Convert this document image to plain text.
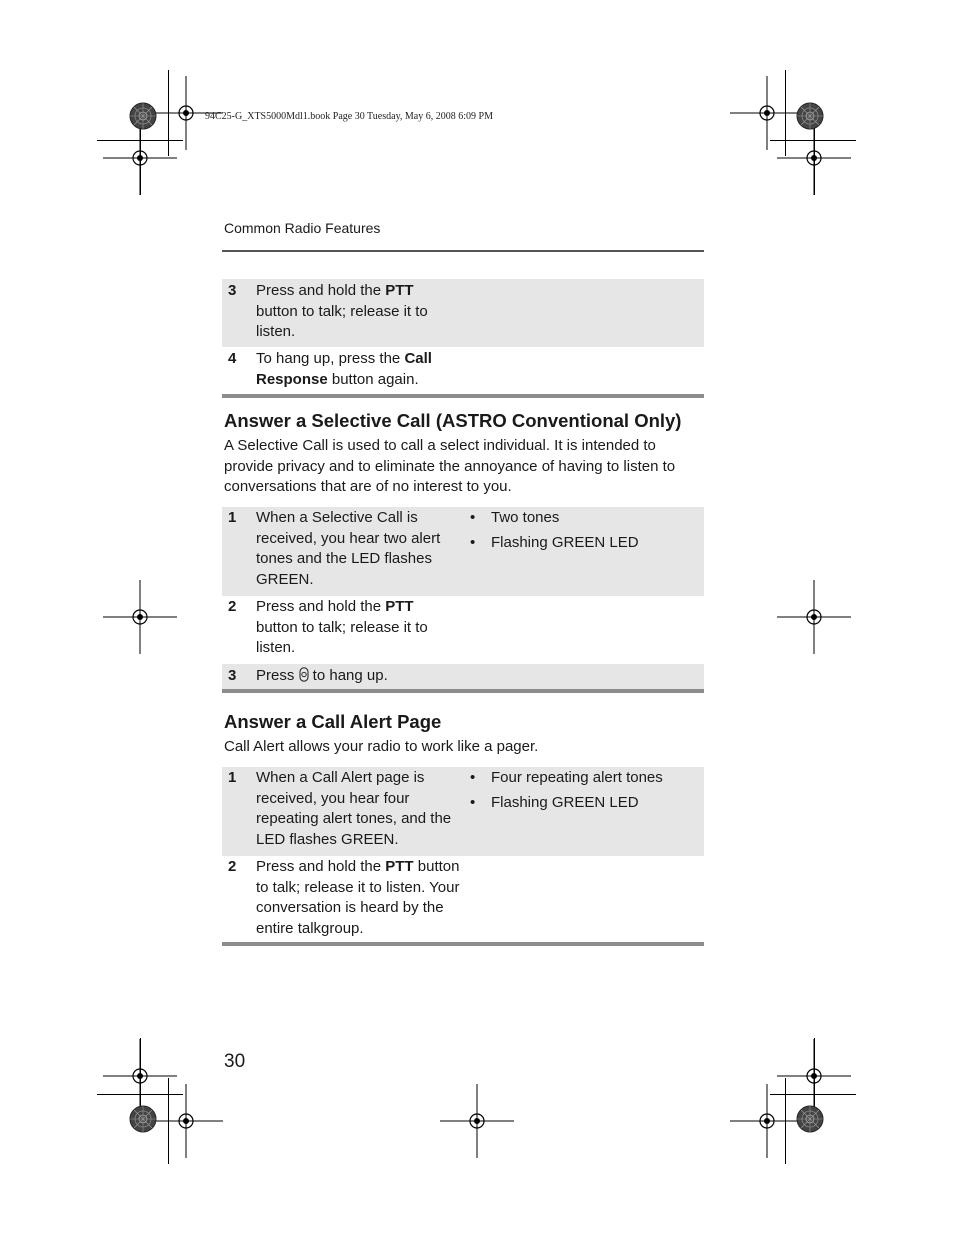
94C25-G_XTS5000Mdl1.book Page 30 Tuesday, May 6, 2008 6:09 PM
Common Radio Features
3	Press and hold the PTT button to talk; release it to listen.
4	To hang up, press the Call Response button again.
Answer a Selective Call (ASTRO Conventional Only)
A Selective Call is used to call a select individual. It is intended to provide privacy and to eliminate the annoyance of having to listen to conversations that are of no interest to you.
1	When a Selective Call is received, you hear two alert tones and the LED flashes GREEN.
• Two tones
• Flashing GREEN LED
2	Press and hold the PTT button to talk; release it to listen.
3	Press  to hang up.
Answer a Call Alert Page
Call Alert allows your radio to work like a pager.
1	When a Call Alert page is received, you hear four repeating alert tones, and the LED flashes GREEN.
• Four repeating alert tones
• Flashing GREEN LED
2	Press and hold the PTT button to talk; release it to listen. Your conversation is heard by the entire talkgroup.
30
